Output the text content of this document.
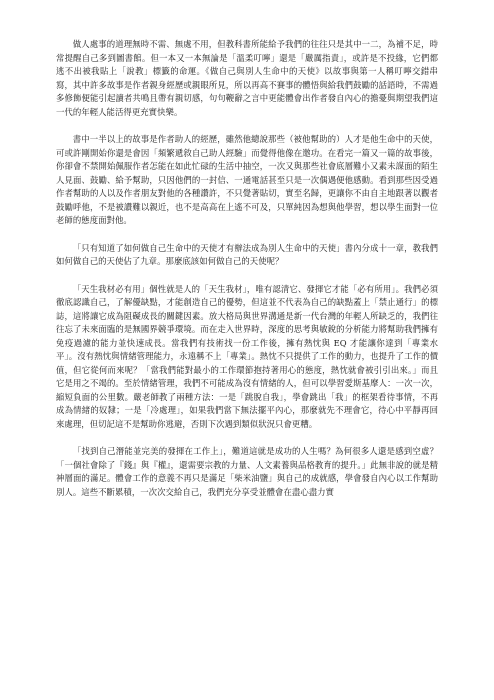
做人處事的道理無時不需、無處不用，但教科書所能給予我們的往往只是其中一二，為補不足，時常提醒自己多到圖書館。但一本又一本無論是「溫柔叮嚀」還是「嚴厲指責」，或許是不投緣，它們都逃不出被我貼上「說教」標籤的命運。《做自己與別人生命中的天使》以故事與第一人稱叮嚀交錯串寫，其中許多故事是作者親身經歷或親眼所見，所以再高不賽事的體悟與給我們鼓勵的話語時，不需過多修飾便能引起讀者共鳴且帶有親切感，句句鞭辭之言中更能體會出作者發自內心的擔憂與期望我們這一代的年輕人能活得更充實快樂。

書中一半以上的故事是作者助人的經歷，雖然他總說那些（被他幫助的）人才是他生命中的天使，可或許剛開始你還是會因「頻繁遞敘自己助人經驗」而覺得他像在邀功。在看完一篇又一篇的故事後，你卻會不禁開始佩服作者怎能在如此忙碌的生活中抽空，一次又與那些社會底層難小又素未謀面的陌生人見面、鼓勵、給予幫助，只因他們的一封信、一通電話甚至只是一次偶遇便他感動。看到那些因受過作者幫助的人以及作者朋友對他的各種讚許，不只覺著貼切，實至名歸，更讓你不由自主地跟著以觀者鼓勵呼他，不是被讚難以親近，也不是高高在上遙不可及，只單純因為想與他學習，想以學生面對一位老師的態度面對他。

「只有知道了如何做自己生命中的天使才有辦法成為別人生命中的天使」書內分成十一章，教我們如何做自己的天使佔了九章。那麼底該如何做自己的天使呢？

「天生我材必有用」個性就是人的「天生我材」，唯有認清它、發揮它才能「必有所用」。我們必須徹底認識自己，了解優缺點，才能創造自己的優勢，但這並不代表為自己的缺點蓋上「禁止通行」的標誌，這將讓它成為阻礙成長的關鍵因素。放大格局與世界溝通是新一代台灣的年輕人所缺乏的，我們往往忘了未來面臨的是無國界競爭環境。而在走入世界時，深度的思考與敏銳的分析能力將幫助我們擁有免疫過濾的能力並快速成長。當我們有技術找一份工作後，擁有熱忱與 EQ 才能讓你達到「專業水平」。沒有熱忱與情緒管理能力，永遠稱不上「專業」。熱忱不只提供了工作的動力，也提升了工作的價值，但它從何而來呢？「當我們能對最小的工作環節抱持著用心的態度，熱忱就會被引引出來。」而且它是用之不竭的。至於情緒管理，我們不可能成為沒有情緒的人，但可以學習愛斯基摩人：一次一次，縮短負面的公里數。嚴老師教了兩種方法：一是「跳脫自我」，學會跳出「我」的框架看待事情，不再成為情緒的奴隸；一是「冷處理」，如果我們當下無法擺平內心，那麼就先不理會它，待心中平靜再回來處理，但切記這不是幫助你逃避，否則下次遇到類似狀況只會更糟。

「找到自己潛能並完美的發揮在工作上」，難道這就是成功的人生嗎？為何很多人還是感到空虛？「一個社會除了『錢』與『權』，還需要宗教的力量、人文素養與品格教育的提升。」此無非說的就是精神層面的滿足。體會工作的意義不再只是滿足「柴米油鹽」與自己的成就感，學會發自內心以工作幫助別人。這些不斷累積，一次次交給自己，我們充分享受並體會在盡心盡力實
